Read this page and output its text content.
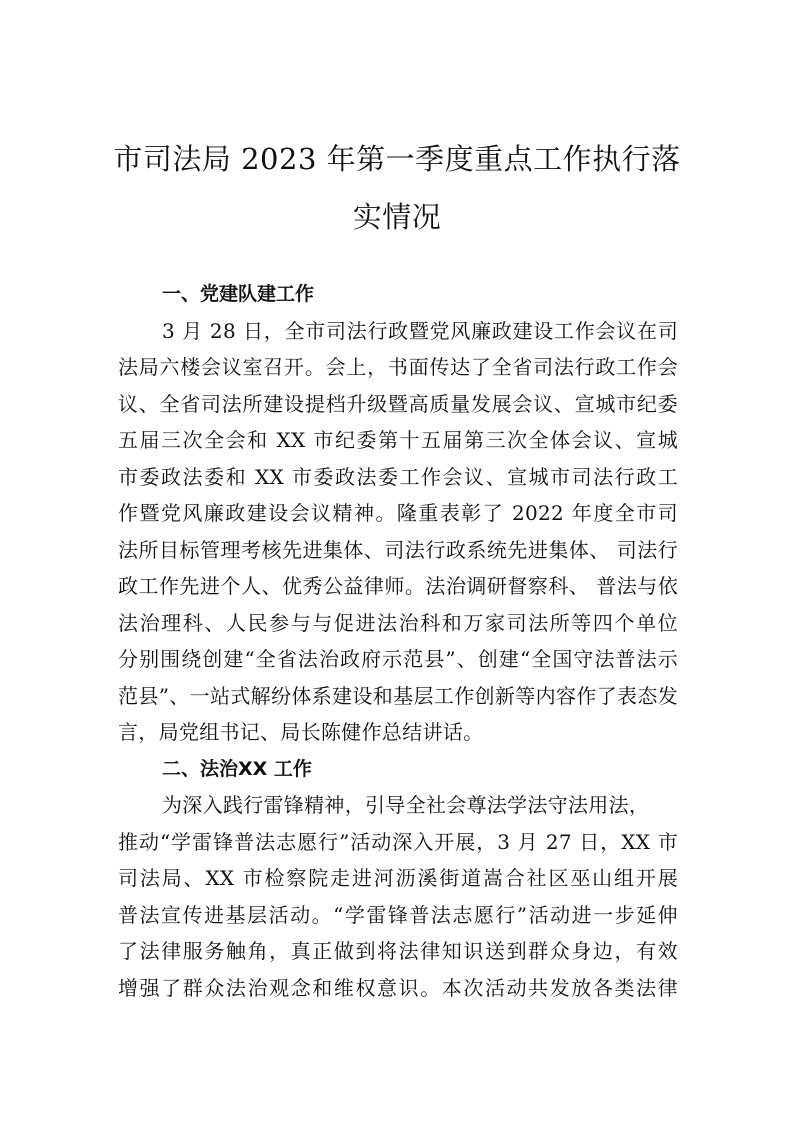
市司法局 2023 年第一季度重点工作执行落
实情况

一、党建队建工作

3 月 28 日，全市司法行政暨党风廉政建设工作会议在司
法局六楼会议室召开。会上，书面传达了全省司法行政工作会
议、全省司法所建设提档升级暨高质量发展会议、宣城市纪委
五届三次全会和 XX 市纪委第十五届第三次全体会议、宣城
市委政法委和 XX 市委政法委工作会议、宣城市司法行政工
作暨党风廉政建设会议精神。隆重表彰了 2022 年度全市司
法所目标管理考核先进集体、司法行政系统先进集体、 司法行
政工作先进个人、优秀公益律师。法治调研督察科、 普法与依
法治理科、人民参与与促进法治科和万家司法所等四个单位
分别围绕创建“全省法治政府示范县”、创建“全国守法普法示
范县”、一站式解纷体系建设和基层工作创新等内容作了表态发
言，局党组书记、局长陈健作总结讲话。

二、法治XX 工作

为深入践行雷锋精神，引导全社会尊法学法守法用法，
推动“学雷锋普法志愿行”活动深入开展，3 月 27 日，XX 市
司法局、XX 市检察院走进河沥溪街道嵩合社区巫山组开展
普法宣传进基层活动。“学雷锋普法志愿行”活动进一步延伸
了法律服务触角，真正做到将法律知识送到群众身边，有效
增强了群众法治观念和维权意识。本次活动共发放各类法律
